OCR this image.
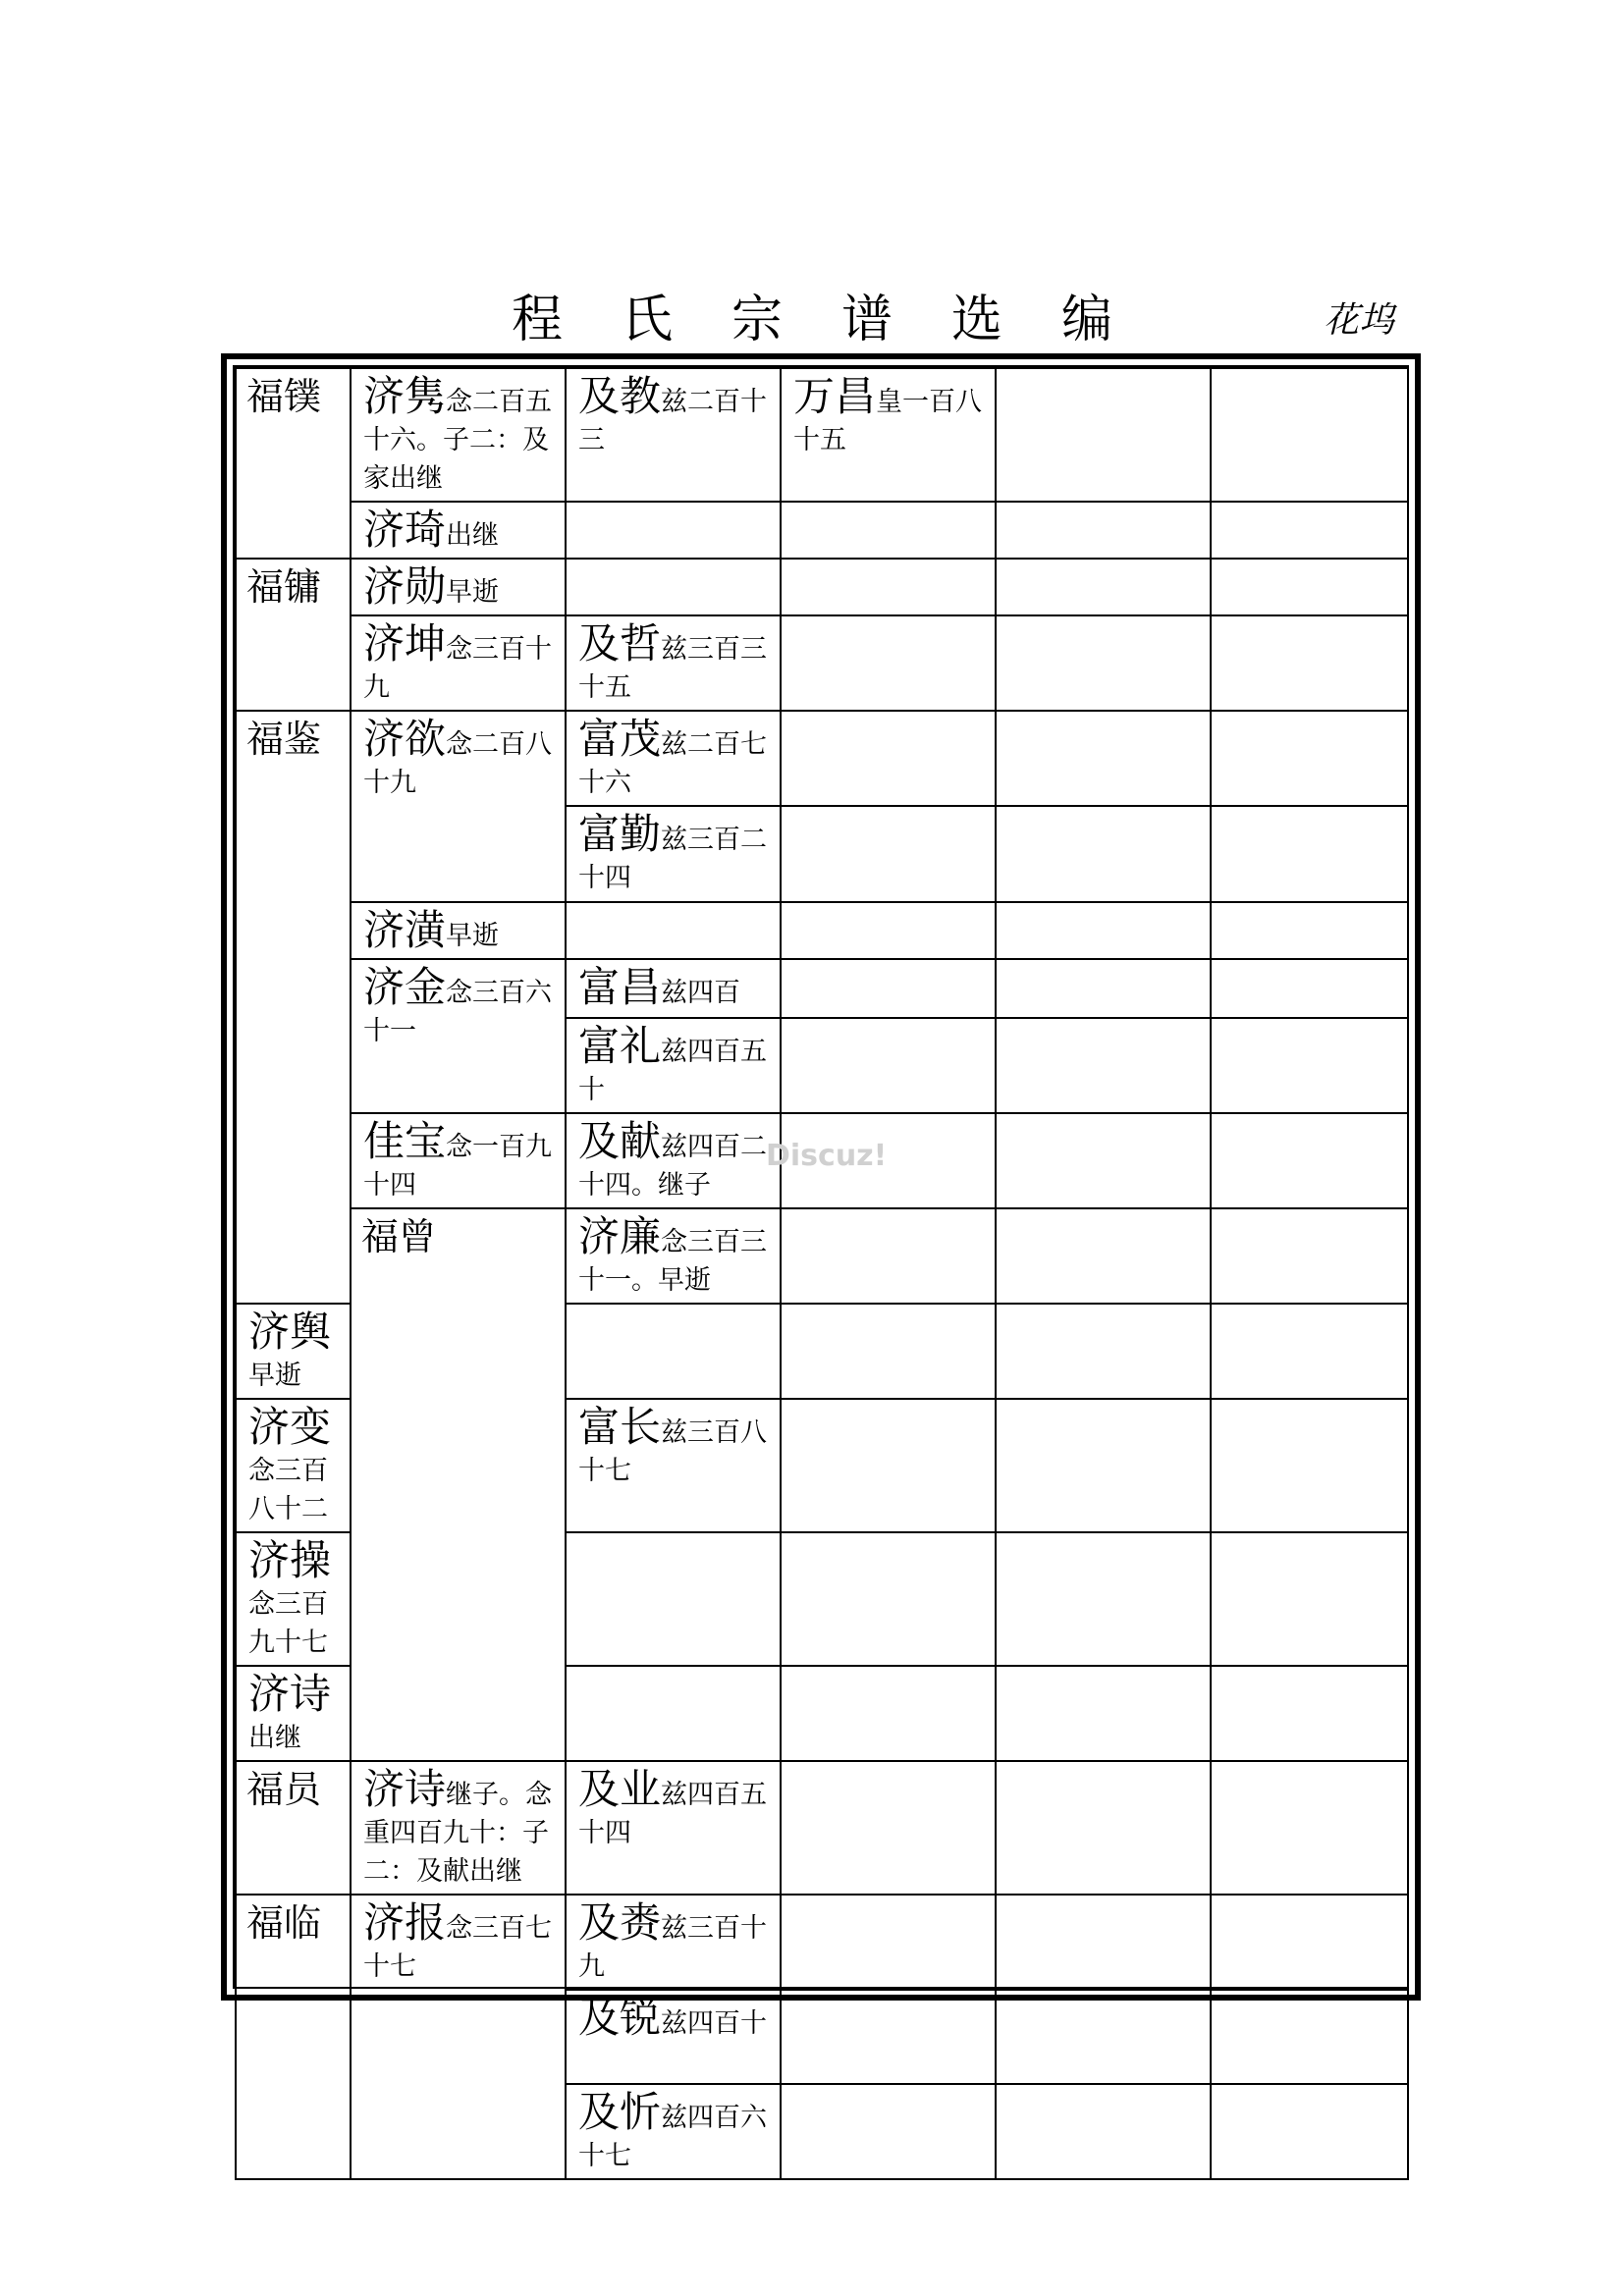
程 氏 宗 谱 选 编	花坞
福镤	济隽念二百五十六。子二：及家出继	及教兹二百十三	万昌皇一百八十五			

	济琦出继					

福镛	济勋早逝					

	济坤念三百十九	及哲兹三百三十五				

福鉴	济欲念二百八十九	富茂兹二百七十六				

		富勤兹三百二十四				

	济潢早逝					

	济金念三百六十一	富昌兹四百				

		富礼兹四百五十				

	佳宝念一百九十四	及献兹四百二十四。继子				

	福曾	济廉念三百三十一。早逝				

济舆早逝						

济变念三百八十二		富长兹三百八十七				

济操念三百九十七						

济诗出继						

福员	济诗继子。念重四百九十：子二：及献出继	及业兹四百五十四				

福临	济报念三百七十七	及赉兹三百十九				

		及锐兹四百十				

		及忻兹四百六十七				

Discuz!
